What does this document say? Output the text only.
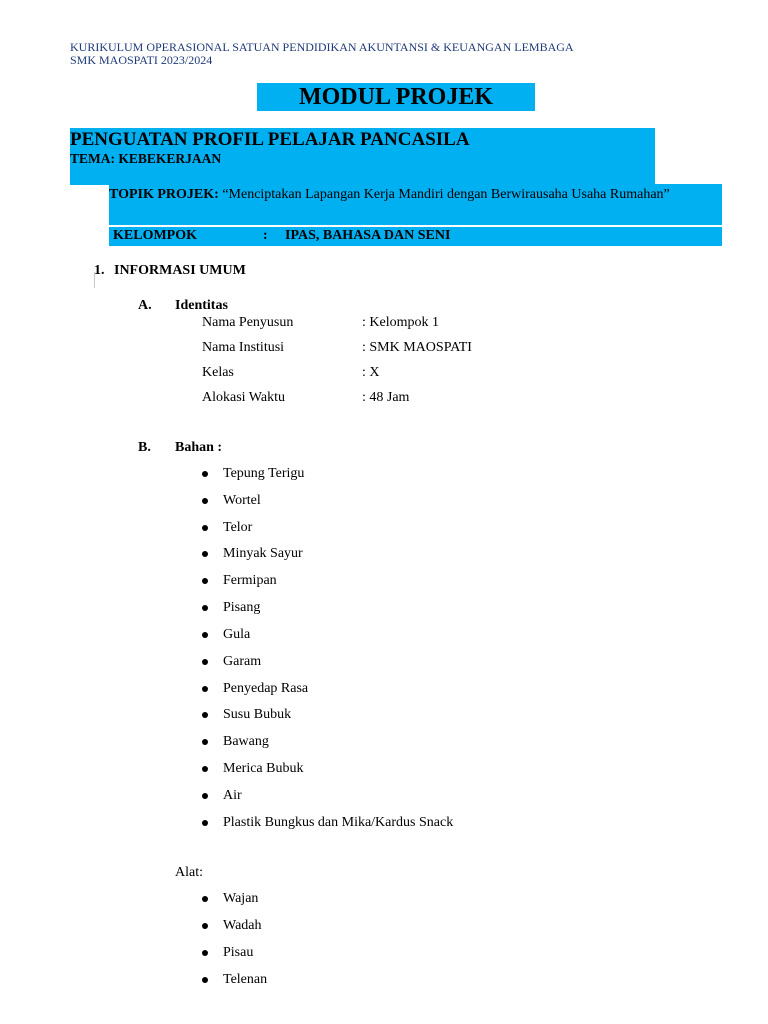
KURIKULUM OPERASIONAL SATUAN PENDIDIKAN AKUNTANSI & KEUANGAN LEMBAGA
SMK MAOSPATI 2023/2024
MODUL PROJEK
PENGUATAN PROFIL PELAJAR PANCASILA
TEMA: KEBEKERJAAN
TOPIK PROJEK: “Menciptakan Lapangan Kerja Mandiri dengan Berwirausaha Usaha Rumahan”
KELOMPOK	: IPAS, BAHASA DAN SENI
1. INFORMASI UMUM
A. Identitas
Nama Penyusun	: Kelompok 1
Nama Institusi	: SMK MAOSPATI
Kelas	: X
Alokasi Waktu	: 48 Jam
B. Bahan :
Tepung Terigu
Wortel
Telor
Minyak Sayur
Fermipan
Pisang
Gula
Garam
Penyedap Rasa
Susu Bubuk
Bawang
Merica Bubuk
Air
Plastik Bungkus dan Mika/Kardus Snack
Alat:
Wajan
Wadah
Pisau
Telenan
